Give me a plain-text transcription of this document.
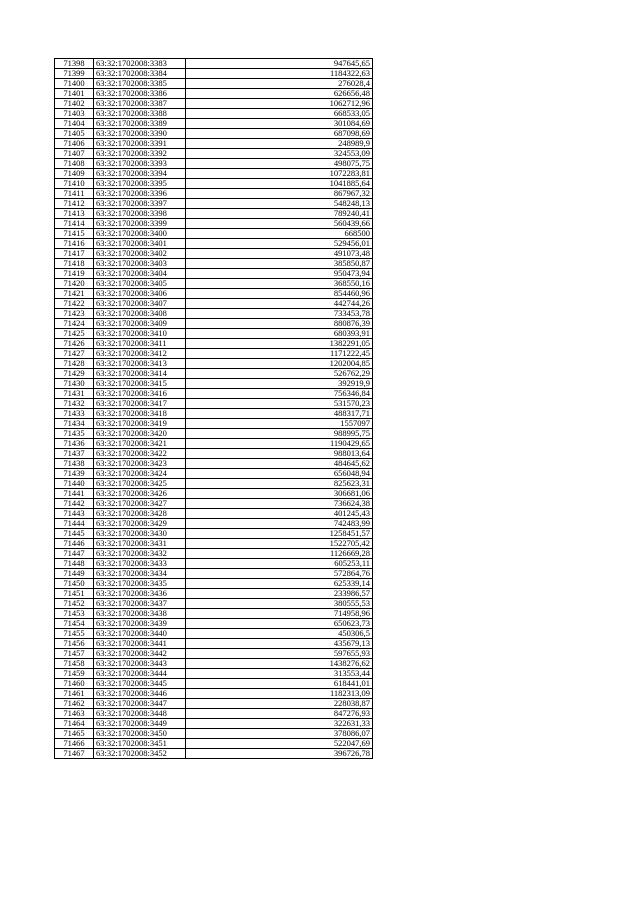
71398	63:32:1702008:3383	947645,65
71399	63:32:1702008:3384	1184322,63
71400	63:32:1702008:3385	276028,4
71401	63:32:1702008:3386	626656,48
71402	63:32:1702008:3387	1062712,96
71403	63:32:1702008:3388	668533,05
71404	63:32:1702008:3389	301084,69
71405	63:32:1702008:3390	687098,69
71406	63:32:1702008:3391	248989,9
71407	63:32:1702008:3392	324553,09
71408	63:32:1702008:3393	498075,75
71409	63:32:1702008:3394	1072283,81
71410	63:32:1702008:3395	1041885,64
71411	63:32:1702008:3396	867967,32
71412	63:32:1702008:3397	548248,13
71413	63:32:1702008:3398	789240,41
71414	63:32:1702008:3399	560439,66
71415	63:32:1702008:3400	668500
71416	63:32:1702008:3401	529456,01
71417	63:32:1702008:3402	491073,48
71418	63:32:1702008:3403	385850,87
71419	63:32:1702008:3404	950473,94
71420	63:32:1702008:3405	368550,16
71421	63:32:1702008:3406	854460,96
71422	63:32:1702008:3407	442744,26
71423	63:32:1702008:3408	733453,78
71424	63:32:1702008:3409	880876,39
71425	63:32:1702008:3410	680393,91
71426	63:32:1702008:3411	1382291,05
71427	63:32:1702008:3412	1171222,45
71428	63:32:1702008:3413	1202004,85
71429	63:32:1702008:3414	526762,29
71430	63:32:1702008:3415	392919,9
71431	63:32:1702008:3416	756346,84
71432	63:32:1702008:3417	531570,23
71433	63:32:1702008:3418	488317,71
71434	63:32:1702008:3419	1557097
71435	63:32:1702008:3420	988995,75
71436	63:32:1702008:3421	1190429,65
71437	63:32:1702008:3422	988013,64
71438	63:32:1702008:3423	484645,62
71439	63:32:1702008:3424	656048,94
71440	63:32:1702008:3425	825623,31
71441	63:32:1702008:3426	306681,06
71442	63:32:1702008:3427	736624,38
71443	63:32:1702008:3428	401245,43
71444	63:32:1702008:3429	742483,99
71445	63:32:1702008:3430	1258451,57
71446	63:32:1702008:3431	1522705,42
71447	63:32:1702008:3432	1126669,28
71448	63:32:1702008:3433	605253,11
71449	63:32:1702008:3434	572864,76
71450	63:32:1702008:3435	625339,14
71451	63:32:1702008:3436	233986,57
71452	63:32:1702008:3437	380555,53
71453	63:32:1702008:3438	714958,96
71454	63:32:1702008:3439	650623,73
71455	63:32:1702008:3440	450306,5
71456	63:32:1702008:3441	435679,13
71457	63:32:1702008:3442	597655,93
71458	63:32:1702008:3443	1438276,62
71459	63:32:1702008:3444	313553,44
71460	63:32:1702008:3445	618441,01
71461	63:32:1702008:3446	1182313,09
71462	63:32:1702008:3447	228038,87
71463	63:32:1702008:3448	847276,93
71464	63:32:1702008:3449	322631,33
71465	63:32:1702008:3450	378086,07
71466	63:32:1702008:3451	522047,69
71467	63:32:1702008:3452	396726,78
